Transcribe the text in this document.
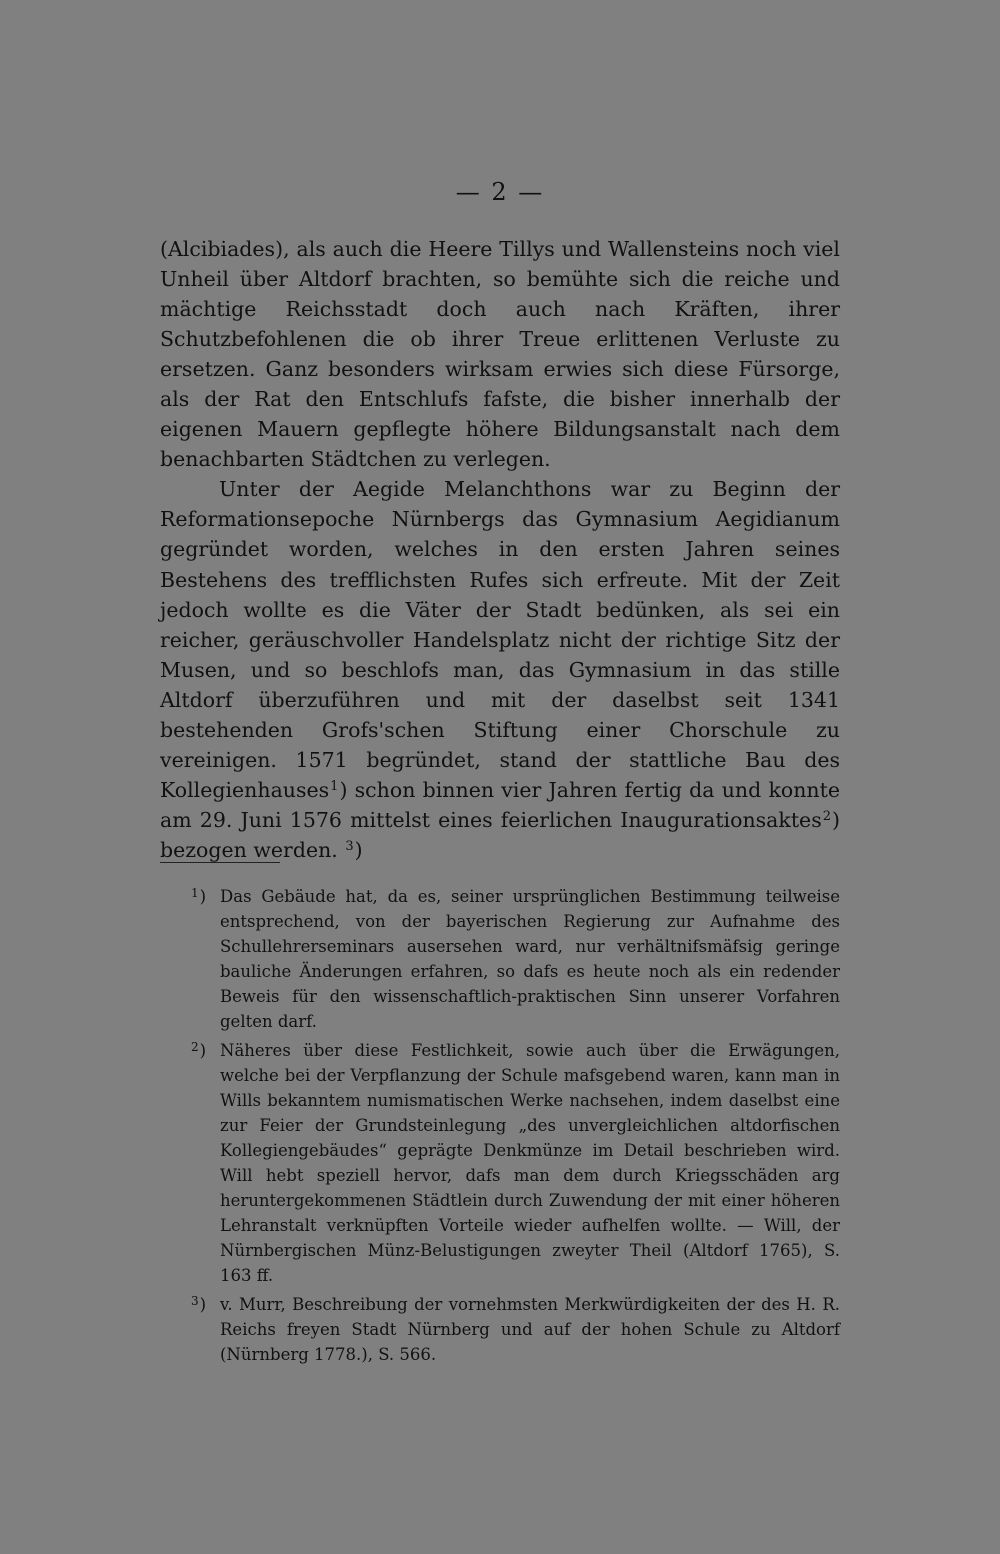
— 2 —

(Alcibiades), als auch die Heere Tillys und Wallensteins noch viel Unheil über Altdorf brachten, so bemühte sich die reiche und mächtige Reichsstadt doch auch nach Kräften, ihrer Schutzbefohlenen die ob ihrer Treue erlittenen Verluste zu ersetzen. Ganz besonders wirksam erwies sich diese Fürsorge, als der Rat den Entschlufs fafste, die bisher innerhalb der eigenen Mauern gepflegte höhere Bildungsanstalt nach dem benachbarten Städtchen zu verlegen.

Unter der Aegide Melanchthons war zu Beginn der Reformationsepoche Nürnbergs das Gymnasium Aegidianum gegründet worden, welches in den ersten Jahren seines Bestehens des trefflichsten Rufes sich erfreute. Mit der Zeit jedoch wollte es die Väter der Stadt bedünken, als sei ein reicher, geräuschvoller Handelsplatz nicht der richtige Sitz der Musen, und so beschlofs man, das Gymnasium in das stille Altdorf überzuführen und mit der daselbst seit 1341 bestehenden Grofs'schen Stiftung einer Chorschule zu vereinigen. 1571 begründet, stand der stattliche Bau des Kollegienhauses$^1$) schon binnen vier Jahren fertig da und konnte am 29. Juni 1576 mittelst eines feierlichen Inaugurationsaktes$^2$) bezogen werden. $^3$)

$^1$) Das Gebäude hat, da es, seiner ursprünglichen Bestimmung teilweise entsprechend, von der bayerischen Regierung zur Aufnahme des Schullehrerseminars ausersehen ward, nur verhältnifsmäfsig geringe bauliche Änderungen erfahren, so dafs es heute noch als ein redender Beweis für den wissenschaftlich-praktischen Sinn unserer Vorfahren gelten darf.
$^2$) Näheres über diese Festlichkeit, sowie auch über die Erwägungen, welche bei der Verpflanzung der Schule mafsgebend waren, kann man in Wills bekanntem numismatischen Werke nachsehen, indem daselbst eine zur Feier der Grundsteinlegung „des unvergleichlichen altdorfischen Kollegiengebäudes“ geprägte Denkmünze im Detail beschrieben wird. Will hebt speziell hervor, dafs man dem durch Kriegsschäden arg heruntergekommenen Städtlein durch Zuwendung der mit einer höheren Lehranstalt verknüpften Vorteile wieder aufhelfen wollte. — Will, der Nürnbergischen Münz-Belustigungen zweyter Theil (Altdorf 1765), S. 163 ff.
$^3$) v. Murr, Beschreibung der vornehmsten Merkwürdigkeiten der des H. R. Reichs freyen Stadt Nürnberg und auf der hohen Schule zu Altdorf (Nürnberg 1778.), S. 566.
